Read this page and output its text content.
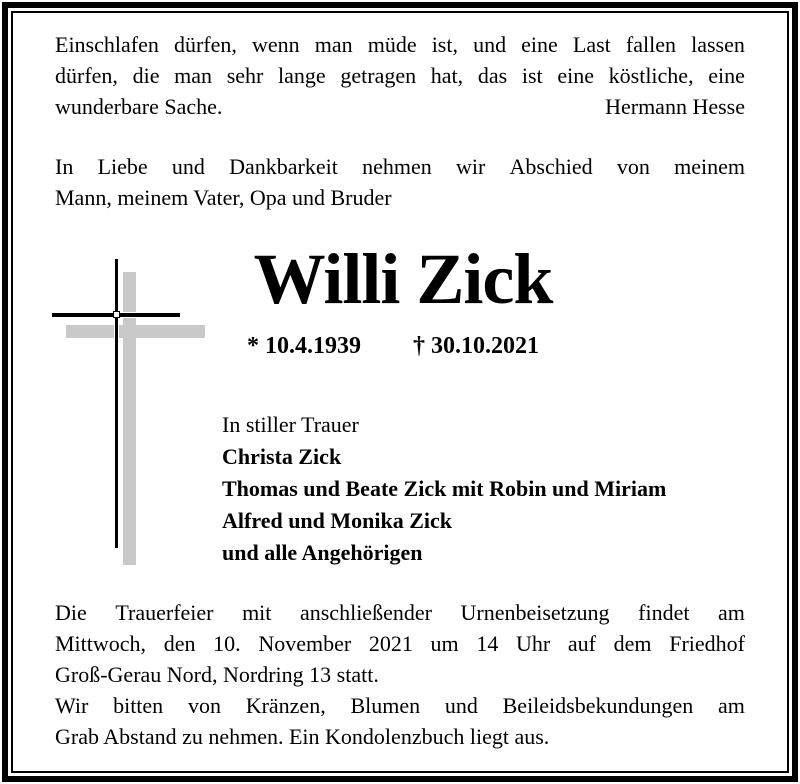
Einschlafen dürfen, wenn man müde ist, und eine Last fallen lassen
dürfen, die man sehr lange getragen hat, das ist eine köstliche, eine
wunderbare Sache.	Hermann Hesse
In Liebe und Dankbarkeit nehmen wir Abschied von meinem
Mann, meinem Vater, Opa und Bruder
Willi Zick
* 10.4.1939 † 30.10.2021
In stiller Trauer
Christa Zick
Thomas und Beate Zick mit Robin und Miriam
Alfred und Monika Zick
und alle Angehörigen
Die Trauerfeier mit anschließender Urnenbeisetzung findet am
Mittwoch, den 10. November 2021 um 14 Uhr auf dem Friedhof
Groß-Gerau Nord, Nordring 13 statt.
Wir bitten von Kränzen, Blumen und Beileidsbekundungen am
Grab Abstand zu nehmen. Ein Kondolenzbuch liegt aus.
